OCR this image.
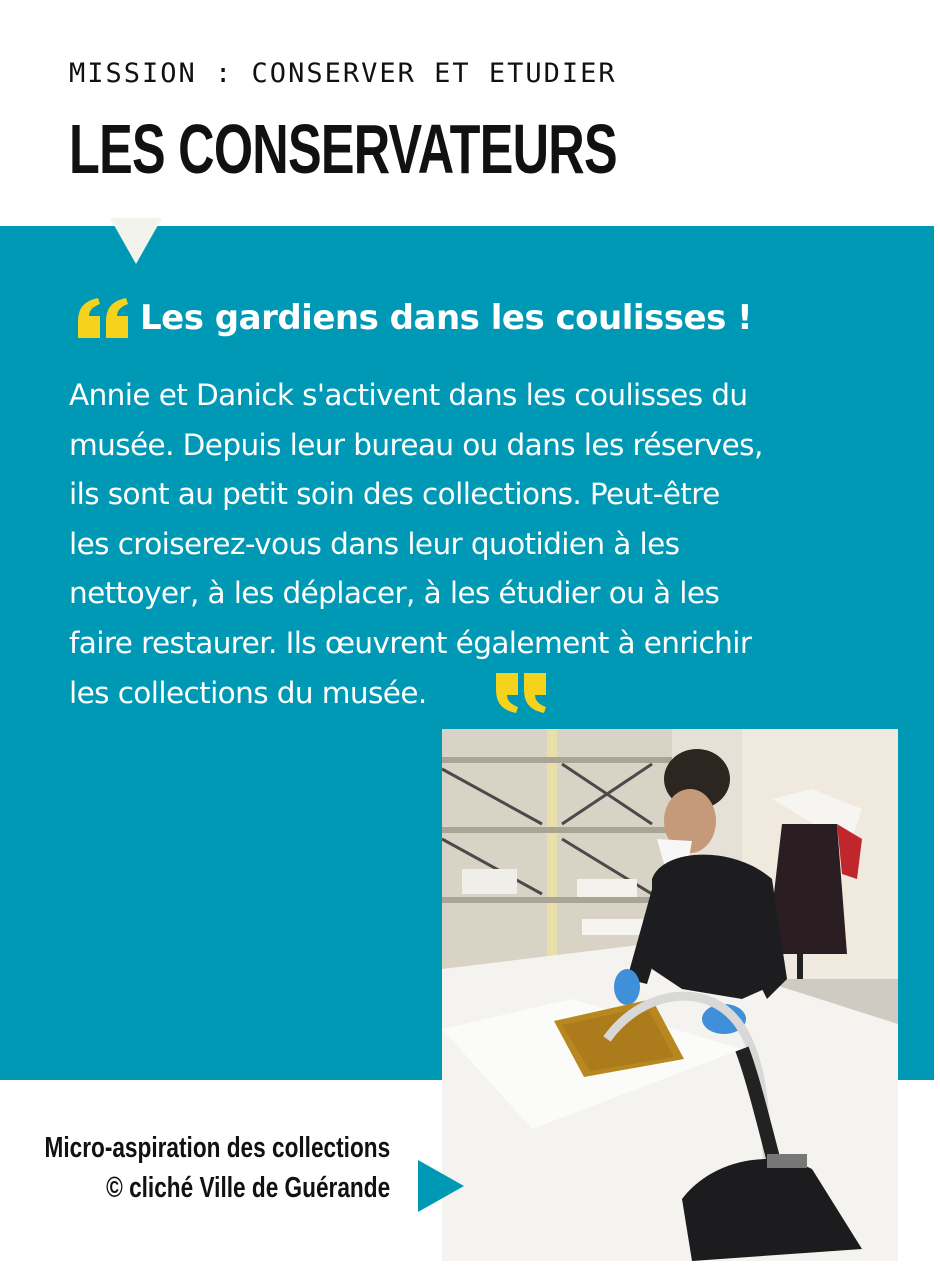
MISSION : CONSERVER ET ETUDIER
LES CONSERVATEURS
Les gardiens dans les coulisses !
Annie et Danick s'activent dans les coulisses du
musée. Depuis leur bureau ou dans les réserves,
ils sont au petit soin des collections. Peut-être
les croiserez-vous dans leur quotidien à les
nettoyer, à les déplacer, à les étudier ou à les
faire restaurer. Ils œuvrent également à enrichir
les collections du musée.
Micro-aspiration des collections
© cliché Ville de Guérande
